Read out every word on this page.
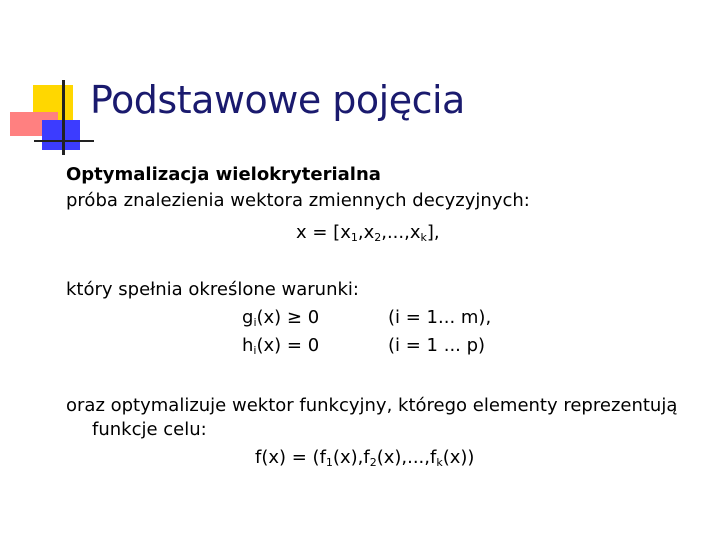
Podstawowe pojęcia
Optymalizacja wielokryterialna
próba znalezienia wektora zmiennych decyzyjnych:
$x = [x_1,x_2,...,x_k]$,
który spełnia określone warunki:
$g_i(x) \ge 0$	(i = 1... m),
$h_i(x) = 0$	(i = 1 ... p)
oraz optymalizuje wektor funkcyjny, którego elementy reprezentują
funkcje celu:
$f(x) = (f_1(x),f_2(x),...,f_k(x))$
